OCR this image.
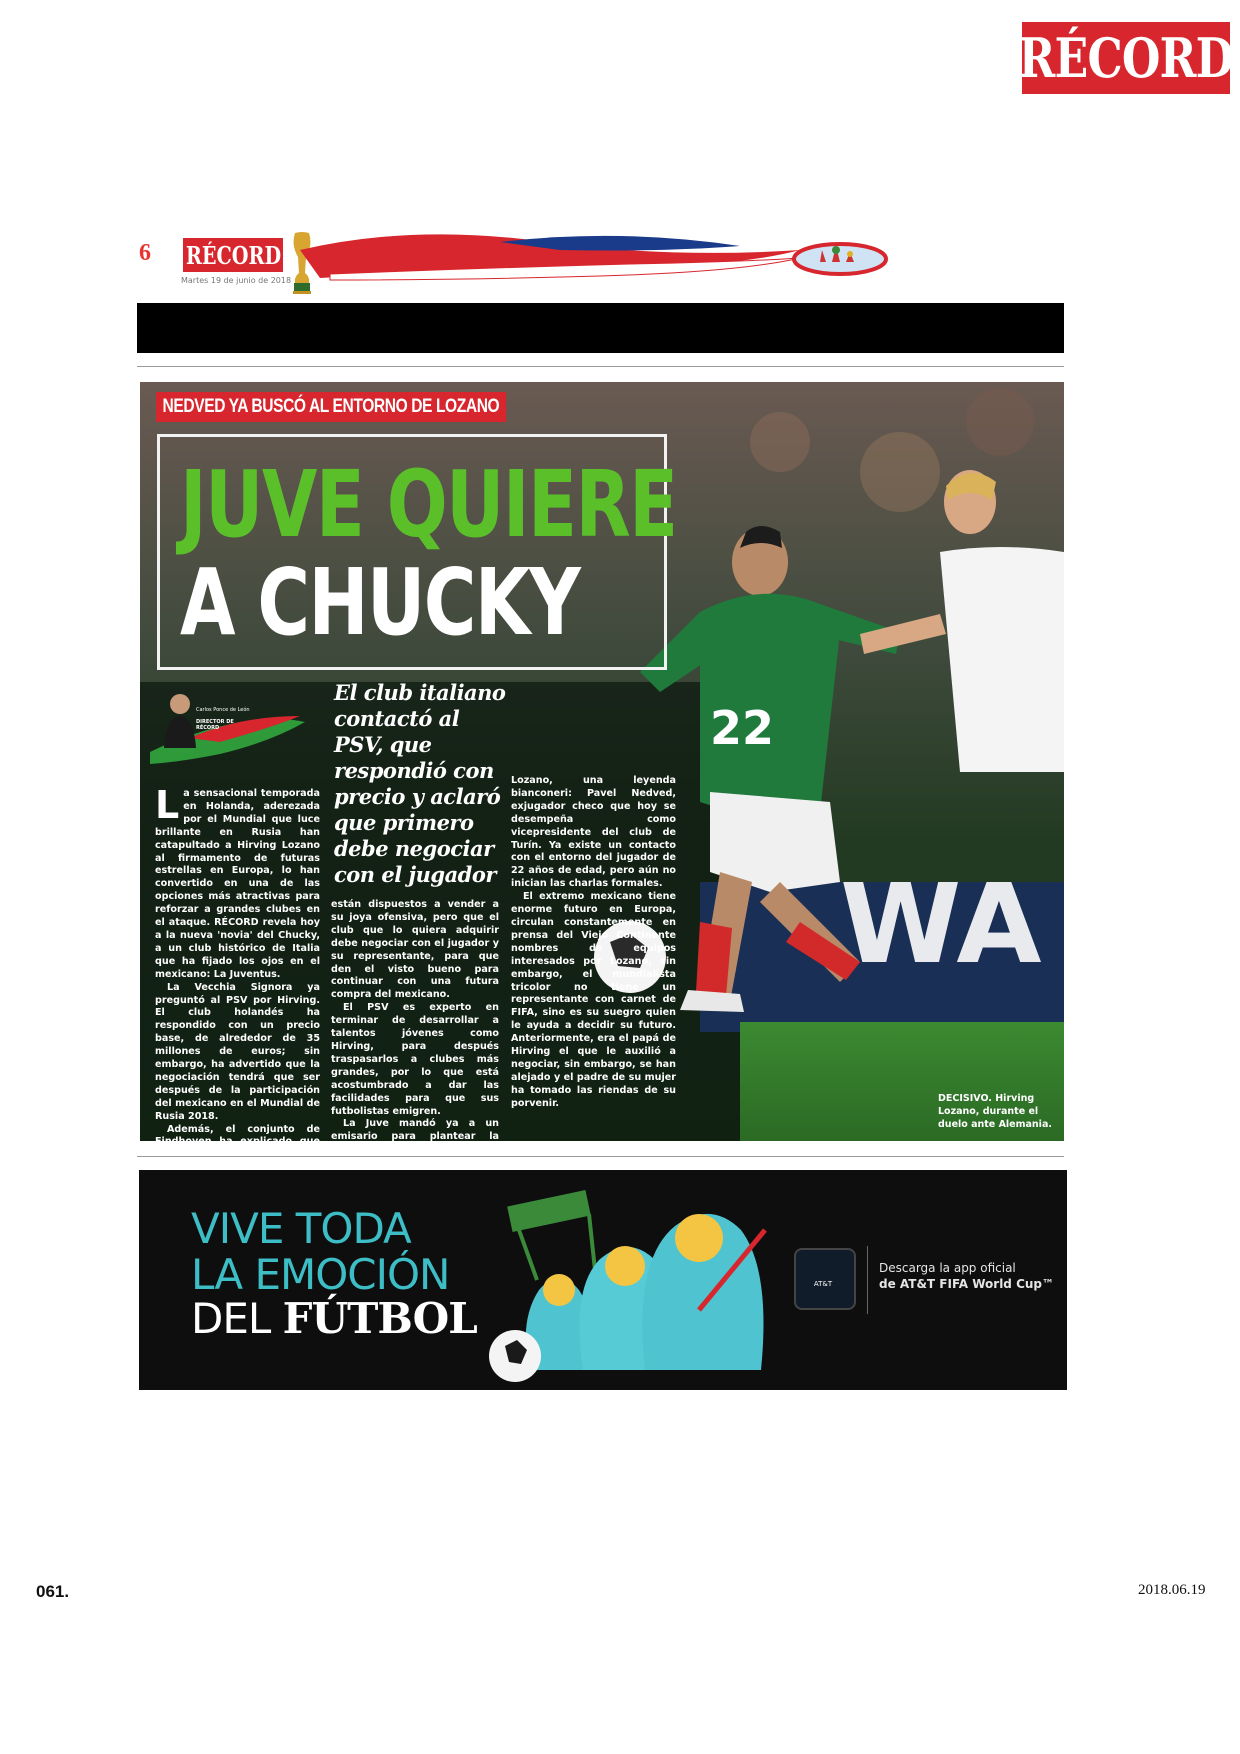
RÉCORD
6 RÉCORD
Martes 19 de junio de 2018
22
WA
NEDVED YA BUSCÓ AL ENTORNO DE LOZANO
JUVE QUIERE
A CHUCKY
Carlos Ponce de León
DIRECTOR DE RÉCORD
El club italiano contactó al PSV, que respondió con precio y aclaró que primero debe negociar con el jugador

La sensacional temporada en Holanda, aderezada por el Mundial que luce brillante en Rusia han catapultado a Hirving Lozano al firmamento de futuras estrellas en Europa, lo han convertido en una de las opciones más atractivas para reforzar a grandes clubes en el ataque. RÉCORD revela hoy a la nueva 'novia' del Chucky, a un club histórico de Italia que ha fijado los ojos en el mexicano: La Juventus.

La Vecchia Signora ya preguntó al PSV por Hirving. El club holandés ha respondido con un precio base, de alrededor de 35 millones de euros; sin embargo, ha advertido que la negociación tendrá que ser después de la participación del mexicano en el Mundial de Rusia 2018.

Además, el conjunto de Eindhoven ha explicado que ellos

están dispuestos a vender a su joya ofensiva, pero que el club que lo quiera adquirir debe negociar con el jugador y su representante, para que den el visto bueno para continuar con una futura compra del mexicano.

El PSV es experto en terminar de desarrollar a talentos jóvenes como Hirving, para después traspasarlos a clubes más grandes, por lo que está acostumbrado a dar las facilidades para que sus futbolistas emigren.

La Juve mandó ya a un emisario para plantear la posibilidad a

Lozano, una leyenda bianconeri: Pavel Nedved, exjugador checo que hoy se desempeña como vicepresidente del club de Turín. Ya existe un contacto con el entorno del jugador de 22 años de edad, pero aún no inician las charlas formales.

El extremo mexicano tiene enorme futuro en Europa, circulan constantemente en prensa del Viejo Continente nombres de equipos interesados por Lozano, sin embargo, el mundialista tricolor no tiene un representante con carnet de FIFA, sino es su suegro quien le ayuda a decidir su futuro. Anteriormente, era el papá de Hirving el que le auxilió a negociar, sin embargo, se han alejado y el padre de su mujer ha tomado las riendas de su porvenir.	DECISIVO. Hirving Lozano, durante el duelo ante Alemania.
VIVE TODA
LA EMOCIÓN
DEL FÚTBOL
AT&T
Descarga la app oficial
de AT&T FIFA World Cup™
061.	2018.06.19
